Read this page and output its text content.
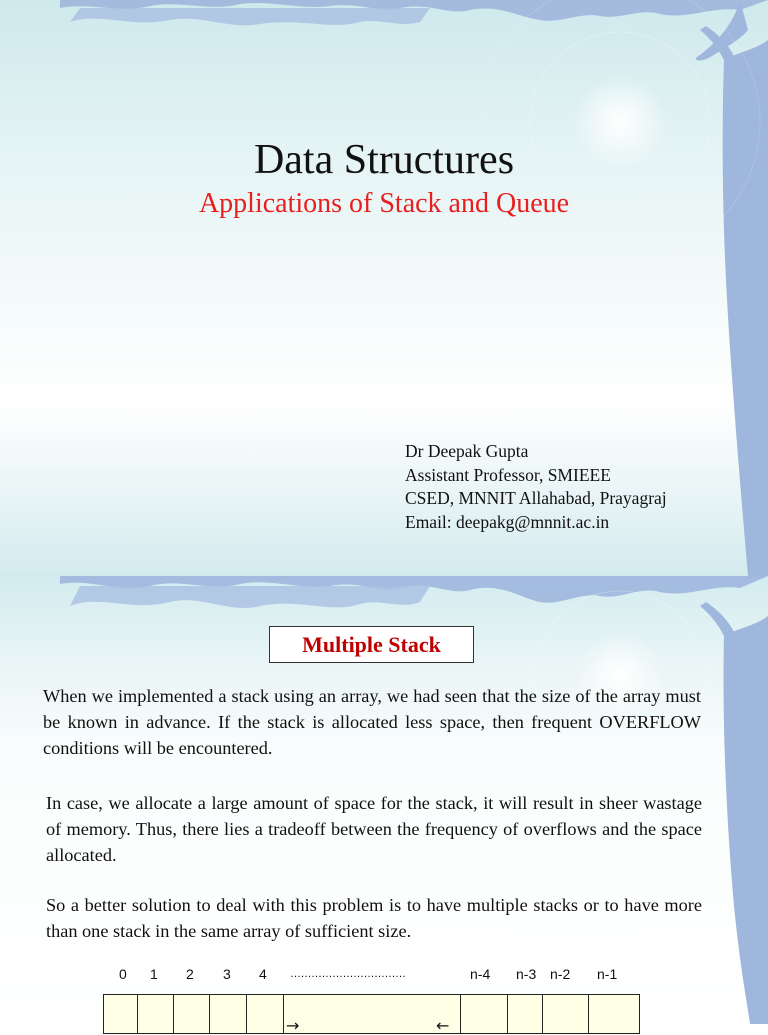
Data Structures
Applications of Stack and Queue
Dr Deepak Gupta
Assistant Professor, SMIEEE
CSED, MNNIT Allahabad, Prayagraj
Email: deepakg@mnnit.ac.in
Multiple Stack
When we implemented a stack using an array, we had seen that the size of the array must be known in advance. If the stack is allocated less space, then frequent OVERFLOW conditions will be encountered.
In case, we allocate a large amount of space for the stack, it will result in sheer wastage of memory. Thus, there lies a tradeoff between the frequency of overflows and the space allocated.
So a better solution to deal with this problem is to have multiple stacks or to have more than one stack in the same array of sufficient size.
0 1 2 3 4 ……………………………	n-4 n-3 n-2 n-1
→	←
